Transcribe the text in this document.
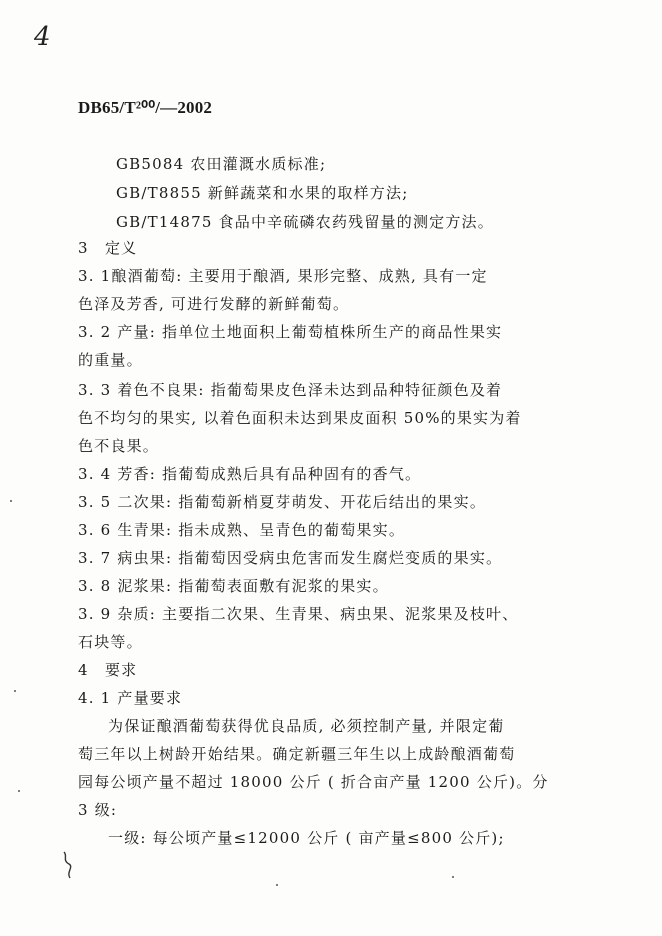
4
DB65/T²⁰⁰/—2002
GB5084 农田灌溉水质标准;
GB/T8855 新鲜蔬菜和水果的取样方法;
GB/T14875 食品中辛硫磷农药残留量的测定方法。
3　定义
3. 1酿酒葡萄: 主要用于酿酒, 果形完整、成熟, 具有一定
色泽及芳香, 可进行发酵的新鲜葡萄。
3. 2 产量: 指单位土地面积上葡萄植株所生产的商品性果实
的重量。
3. 3 着色不良果: 指葡萄果皮色泽未达到品种特征颜色及着
色不均匀的果实, 以着色面积未达到果皮面积 50%的果实为着
色不良果。
3. 4 芳香: 指葡萄成熟后具有品种固有的香气。
3. 5 二次果: 指葡萄新梢夏芽萌发、开花后结出的果实。
3. 6 生青果: 指未成熟、呈青色的葡萄果实。
3. 7 病虫果: 指葡萄因受病虫危害而发生腐烂变质的果实。
3. 8 泥浆果: 指葡萄表面敷有泥浆的果实。
3. 9 杂质: 主要指二次果、生青果、病虫果、泥浆果及枝叶、
石块等。
4　要求
4. 1 产量要求
为保证酿酒葡萄获得优良品质, 必须控制产量, 并限定葡
萄三年以上树龄开始结果。确定新疆三年生以上成龄酿酒葡萄
园每公顷产量不超过 18000 公斤 ( 折合亩产量 1200 公斤)。分
3 级:
一级: 每公顷产量≤12000 公斤 ( 亩产量≤800 公斤);
